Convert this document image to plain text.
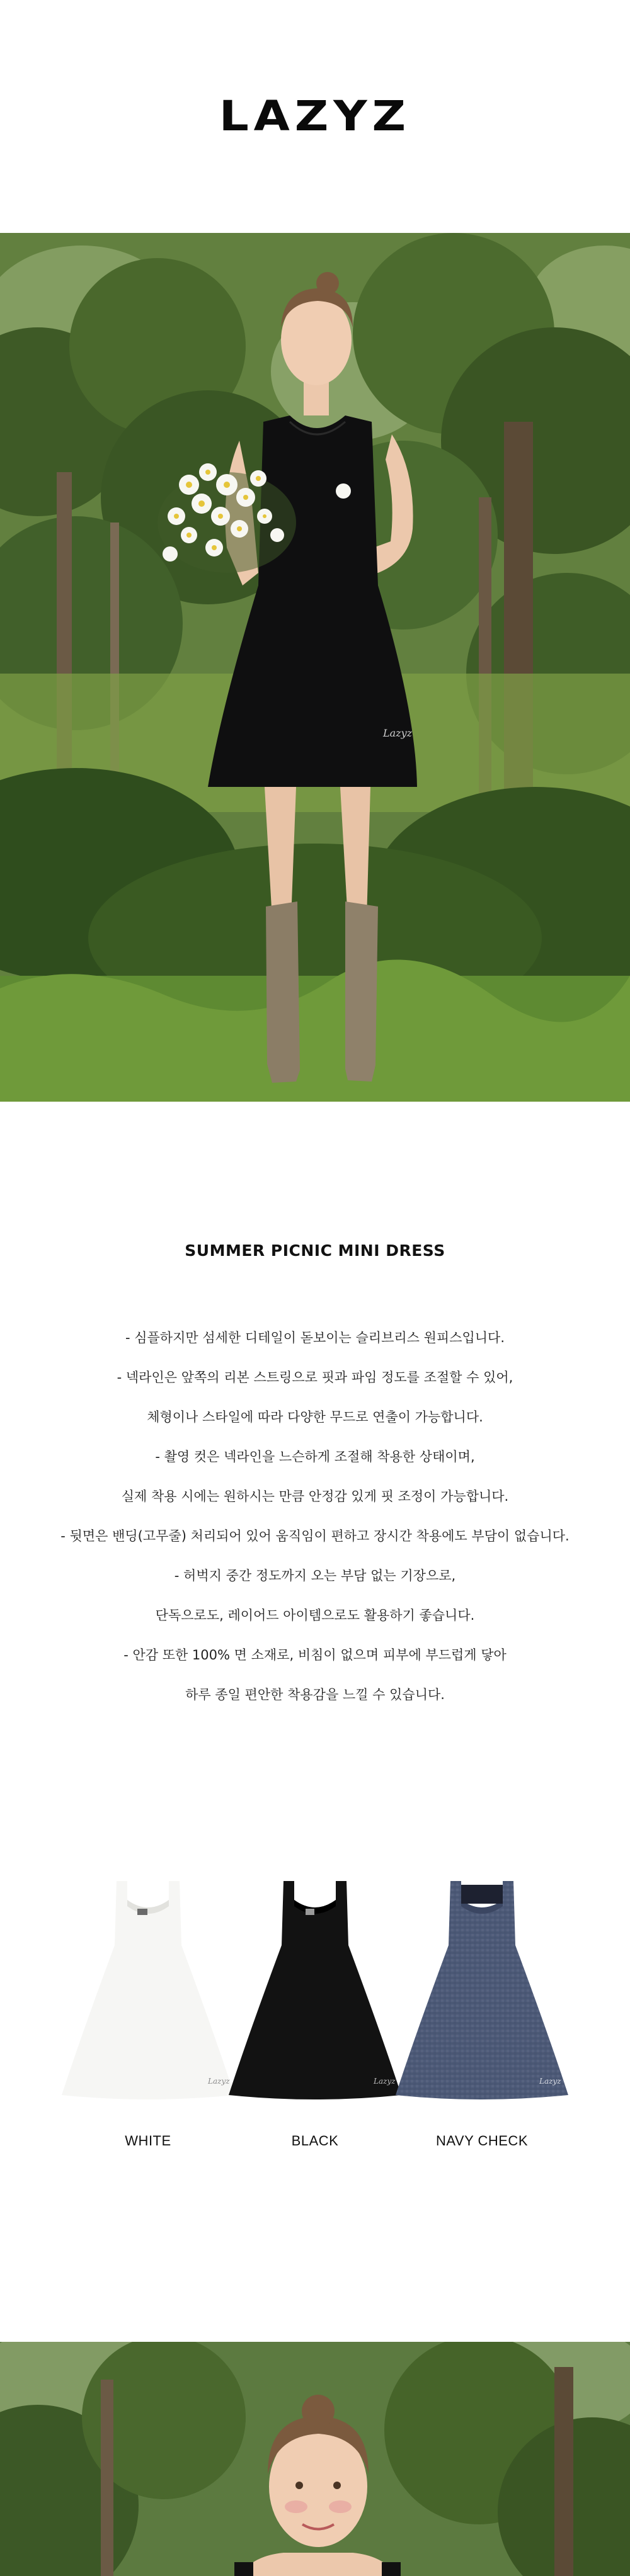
LAZYZ
Lazyz
SUMMER PICNIC MINI DRESS
- 심플하지만 섬세한 디테일이 돋보이는 슬리브리스 원피스입니다.
- 넥라인은 앞쪽의 리본 스트링으로 핏과 파임 정도를 조절할 수 있어,
체형이나 스타일에 따라 다양한 무드로 연출이 가능합니다.
- 촬영 컷은 넥라인을 느슨하게 조절해 착용한 상태이며,
실제 착용 시에는 원하시는 만큼 안정감 있게 핏 조정이 가능합니다.
- 뒷면은 밴딩(고무줄) 처리되어 있어 움직임이 편하고 장시간 착용에도 부담이 없습니다.
- 허벅지 중간 정도까지 오는 부담 없는 기장으로,
단독으로도, 레이어드 아이템으로도 활용하기 좋습니다.
- 안감 또한 100% 면 소재로, 비침이 없으며 피부에 부드럽게 닿아
하루 종일 편안한 착용감을 느낄 수 있습니다.
Lazyz
WHITE
Lazyz
BLACK
Lazyz
NAVY CHECK
